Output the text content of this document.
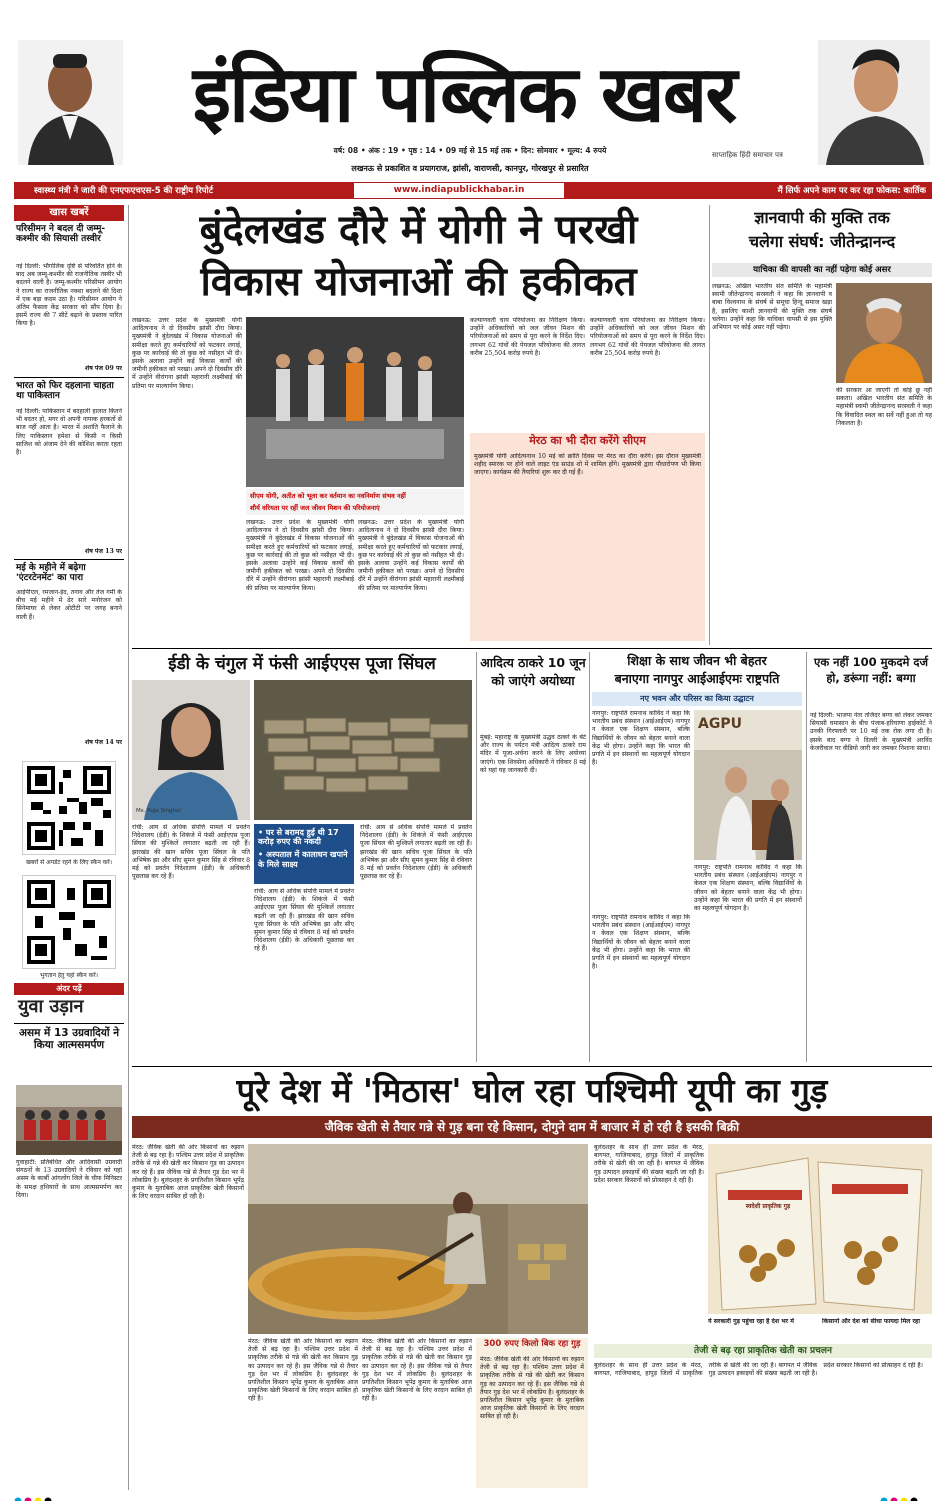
इंडिया पब्लिक खबर
साप्ताहिक हिंदी समाचार पत्र
वर्ष: 08 • अंक : 19 • पृष्ठ : 14 • 09 मई से 15 मई तक • दिन: सोमवार • मूल्य: 4 रुपये
लखनऊ से प्रकाशित व प्रयागराज, झांसी, वाराणसी, कानपुर, गोरखपुर से प्रसारित
स्वास्थ्य मंत्री ने जारी की एनएफएचएस-5 की राष्ट्रीय रिपोर्ट	www.indiapublickhabar.in	मैं सिर्फ अपने काम पर कर रहा फोकस: कार्तिक
खास खबरें
परिसीमन ने बदल दी जम्मू-कश्मीर की सियासी तस्वीर
नई दिल्ली: भौगोलिक दृष्टि से परिवर्तित होने के बाद अब जम्मू-कश्मीर की राजनीतिक तस्वीर भी बदलने वाली है। जम्मू-कश्मीर परिसीमन आयोग ने राज्य का राजनीतिक नक्शा बदलने की दिशा में एक बड़ा कदम उठा है। परिसीमन आयोग ने अंतिम फैसला केंद्र सरकार को सौंप दिया है। इसमें राज्य की 7 सीटें बढ़ाने के प्रस्ताव पारित किया है।
शेष पेज 09 पर
भारत को फिर दहलाना चाहता था पाकिस्तान
नई दिल्ली: पाकिस्तान में बदहाली हालात कितने भी बदतर हो, मगर वो अपनी नापाक हरकतों से बाज नहीं आता है। भारत में अशांति फैलाने के लिए पाकिस्तान हमेशा से किसी न किसी साजिश को अंजाम देने की कोशिश करता रहता है।
शेष पेज 13 पर
मई के महीने में बढ़ेगा 'एंटरटेनमेंट' का पारा
आईपीएल, रमजान-ईद, तनाव और तेज गर्मी के बीच मई महीने में ढेर सारे मनोरंजन को सिनेमाघर से लेकर ओटीटी पर जगह बनाने वाली हैं।
शेष पेज 14 पर
खबरों से अपडेट रहने के लिए स्कैन करें।
भुगतान हेतु यहां स्कैन करें।
अंदर पढ़ें
युवा उड़ान
असम में 13 उग्रवादियों ने किया आत्मसमर्पण
गुवाहाटी: प्रतिबंधित और आदिवासी उग्रवादी संगठनों के 13 उग्रवादियों ने रविवार को यहां असम के कार्बी आंगलोंग जिले के चीफ मिनिस्टर के समक्ष हथियारों के साथ आत्मसमर्पण कर दिया।
बुंदेलखंड दौरे में योगी ने परखी
विकास योजनाओं की हकीकत
लखनऊ: उत्तर प्रदेश के मुख्यमंत्री योगी आदित्यनाथ ने दो दिवसीय झांसी दौरा किया। मुख्यमंत्री ने बुंदेलखंड में विकास योजनाओं की समीक्षा करते हुए कर्मचारियों को फटकार लगाई, कुछ पर कार्रवाई की तो कुछ को नसीहत भी दी। इसके अलावा उन्होंने कई विकास कार्यों की जमीनी हकीकत को परखा। अपने दो दिवसीय दौरे में उन्होंने वीरांगना झांसी महारानी लक्ष्मीबाई की प्रतिमा पर माल्यार्पण किया।
सीएम योगी, अतीत को भूला कर वर्तमान का नवनिर्माण संभव नहीं
शौर्य वरियता पर रहीं जल जीवन मिशन की परियोजनाएं
लखनऊ: उत्तर प्रदेश के मुख्यमंत्री योगी आदित्यनाथ ने दो दिवसीय झांसी दौरा किया। मुख्यमंत्री ने बुंदेलखंड में विकास योजनाओं की समीक्षा करते हुए कर्मचारियों को फटकार लगाई, कुछ पर कार्रवाई की तो कुछ को नसीहत भी दी। इसके अलावा उन्होंने कई विकास कार्यों की जमीनी हकीकत को परखा। अपने दो दिवसीय दौरे में उन्होंने वीरांगना झांसी महारानी लक्ष्मीबाई की प्रतिमा पर माल्यार्पण किया।
लखनऊ: उत्तर प्रदेश के मुख्यमंत्री योगी आदित्यनाथ ने दो दिवसीय झांसी दौरा किया। मुख्यमंत्री ने बुंदेलखंड में विकास योजनाओं की समीक्षा करते हुए कर्मचारियों को फटकार लगाई, कुछ पर कार्रवाई की तो कुछ को नसीहत भी दी। इसके अलावा उन्होंने कई विकास कार्यों की जमीनी हकीकत को परखा। अपने दो दिवसीय दौरे में उन्होंने वीरांगना झांसी महारानी लक्ष्मीबाई की प्रतिमा पर माल्यार्पण किया।
कल्याणवर्ती चाय परियोजना का निरीक्षण किया। उन्होंने अधिकारियों को जल जीवन मिशन की परियोजनाओं को समय से पूरा करने के निर्देश दिए। लगभग 62 गांवों की पेयजल परियोजना की लागत करीब 25,504 करोड़ रुपये है।
कल्याणवर्ती चाय परियोजना का निरीक्षण किया। उन्होंने अधिकारियों को जल जीवन मिशन की परियोजनाओं को समय से पूरा करने के निर्देश दिए। लगभग 62 गांवों की पेयजल परियोजना की लागत करीब 25,504 करोड़ रुपये है।
मेरठ का भी दौरा करेंगे सीएम
मुख्यमंत्री योगी आदित्यनाथ 10 मई को क्रांति दिवस पर मेरठ का दौरा करेंगे। इस दौरान मुख्यमंत्री शहीद स्मारक पर होने वाले लाइट एंड साउंड शो में शामिल होंगे। मुख्यमंत्री द्वारा पौधारोपण भी किया जाएगा। कार्यक्रम की तैयारियां शुरू कर दी गई हैं।
ज्ञानवापी की मुक्ति तक
चलेगा संघर्ष: जीतेन्द्रानन्द
याचिका की वापसी का नहीं पड़ेगा कोई असर
लखनऊ: अखिल भारतीय संत समिति के महामंत्री स्वामी जीतेन्द्रानन्द सरस्वती ने कहा कि ज्ञानवापी व बाबा विश्वनाथ के संघर्ष से समूचा हिन्दू समाज खड़ा है, इसलिए काशी ज्ञानवापी की मुक्ति तक संघर्ष चलेगा। उन्होंने कहा कि याचिका वापसी से इस मुक्ति अभियान पर कोई असर नहीं पड़ेगा।
की सरकार आ जाएगी तो कोई छू नहीं सकता। अखिल भारतीय संत समिति के महामंत्री स्वामी जीतेन्द्रानन्द सरस्वती ने कहा कि विवादित स्थल का सर्वे नहीं हुआ तो यह निकलता है।
ईडी के चंगुल में फंसी आईएएस पूजा सिंघल
Ms. Puja Singhal
रांची: आय से अधिक संपत्ति मामले में प्रवर्तन निदेशालय (ईडी) के शिकंजे में फंसी आईएएस पूजा सिंघल की मुश्किलें लगातार बढ़ती जा रही हैं। झारखंड की खान सचिव पूजा सिंघल के पति अभिषेक झा और सीए सुमन कुमार सिंह से रविवार 8 मई को प्रवर्तन निदेशालय (ईडी) के अधिकारी पूछताछ कर रहे हैं।
• घर से बरामद हुई थी 17 करोड़ रुपए की नकदी
• अस्पताल में कालाधन खपाने के मिले साक्ष्य
रांची: आय से अधिक संपत्ति मामले में प्रवर्तन निदेशालय (ईडी) के शिकंजे में फंसी आईएएस पूजा सिंघल की मुश्किलें लगातार बढ़ती जा रही हैं। झारखंड की खान सचिव पूजा सिंघल के पति अभिषेक झा और सीए सुमन कुमार सिंह से रविवार 8 मई को प्रवर्तन निदेशालय (ईडी) के अधिकारी पूछताछ कर रहे हैं।
रांची: आय से अधिक संपत्ति मामले में प्रवर्तन निदेशालय (ईडी) के शिकंजे में फंसी आईएएस पूजा सिंघल की मुश्किलें लगातार बढ़ती जा रही हैं। झारखंड की खान सचिव पूजा सिंघल के पति अभिषेक झा और सीए सुमन कुमार सिंह से रविवार 8 मई को प्रवर्तन निदेशालय (ईडी) के अधिकारी पूछताछ कर रहे हैं।
आदित्य ठाकरे 10 जून को जाएंगे अयोध्या
मुंबई: महाराष्ट्र के मुख्यमंत्री उद्धव ठाकरे के बेटे और राज्य के पर्यटन मंत्री आदित्य ठाकरे राम मंदिर में पूजा-अर्चना करने के लिए अयोध्या जाएंगे। एक शिवसेना अधिकारी ने रविवार 8 मई को यहां यह जानकारी दी।
शिक्षा के साथ जीवन भी बेहतर
बनाएगा नागपुर आईआईएमः राष्ट्रपति
नए भवन और परिसर का किया उद्घाटन
नागपुर: राष्ट्रपति रामनाथ कोविंद ने कहा कि भारतीय प्रबंध संस्थान (आईआईएम) नागपुर न केवल एक शिक्षण संस्थान, बल्कि विद्यार्थियों के जीवन को बेहतर बनाने वाला केंद्र भी होगा। उन्होंने कहा कि भारत की प्रगति में इन संस्थानों का महत्वपूर्ण योगदान है।
AGPU
नागपुर: राष्ट्रपति रामनाथ कोविंद ने कहा कि भारतीय प्रबंध संस्थान (आईआईएम) नागपुर न केवल एक शिक्षण संस्थान, बल्कि विद्यार्थियों के जीवन को बेहतर बनाने वाला केंद्र भी होगा। उन्होंने कहा कि भारत की प्रगति में इन संस्थानों का महत्वपूर्ण योगदान है।
नागपुर: राष्ट्रपति रामनाथ कोविंद ने कहा कि भारतीय प्रबंध संस्थान (आईआईएम) नागपुर न केवल एक शिक्षण संस्थान, बल्कि विद्यार्थियों के जीवन को बेहतर बनाने वाला केंद्र भी होगा। उन्होंने कहा कि भारत की प्रगति में इन संस्थानों का महत्वपूर्ण योगदान है।
एक नहीं 100 मुकदमे दर्ज हो, डरूंगा नहीं: बग्गा
नई दिल्ली: भाजपा नेता तजिंदर बग्गा को लेकर जमकर सियासी घमासान के बीच पंजाब-हरियाणा हाईकोर्ट ने उनकी गिरफ्तारी पर 10 मई तक रोक लगा दी है। इसके बाद बग्गा ने दिल्ली के मुख्यमंत्री अरविंद केजरीवाल पर वीडियो जारी कर जमकर निशाना साधा।
पूरे देश में 'मिठास' घोल रहा पश्चिमी यूपी का गुड़
जैविक खेती से तैयार गन्ने से गुड़ बना रहे किसान, दोगुने दाम में बाजार में हो रही है इसकी बिक्री
मेरठ: जैविक खेती की ओर किसानों का रुझान तेजी से बढ़ रहा है। पश्चिम उत्तर प्रदेश में प्राकृतिक तरीके से गन्ने की खेती कर किसान गुड़ का उत्पादन कर रहे हैं। इस जैविक गन्ने से तैयार गुड़ देश भर में लोकप्रिय है। बुलंदशहर के प्रगतिशील किसान भूपेंद्र कुमार के मुताबिक आज प्राकृतिक खेती किसानों के लिए वरदान साबित हो रही है।
मेरठ: जैविक खेती की ओर किसानों का रुझान तेजी से बढ़ रहा है। पश्चिम उत्तर प्रदेश में प्राकृतिक तरीके से गन्ने की खेती कर किसान गुड़ का उत्पादन कर रहे हैं। इस जैविक गन्ने से तैयार गुड़ देश भर में लोकप्रिय है। बुलंदशहर के प्रगतिशील किसान भूपेंद्र कुमार के मुताबिक आज प्राकृतिक खेती किसानों के लिए वरदान साबित हो रही है।
मेरठ: जैविक खेती की ओर किसानों का रुझान तेजी से बढ़ रहा है। पश्चिम उत्तर प्रदेश में प्राकृतिक तरीके से गन्ने की खेती कर किसान गुड़ का उत्पादन कर रहे हैं। इस जैविक गन्ने से तैयार गुड़ देश भर में लोकप्रिय है। बुलंदशहर के प्रगतिशील किसान भूपेंद्र कुमार के मुताबिक आज प्राकृतिक खेती किसानों के लिए वरदान साबित हो रही है।
300 रुपए किलो बिक रहा गुड़
मेरठ: जैविक खेती की ओर किसानों का रुझान तेजी से बढ़ रहा है। पश्चिम उत्तर प्रदेश में प्राकृतिक तरीके से गन्ने की खेती कर किसान गुड़ का उत्पादन कर रहे हैं। इस जैविक गन्ने से तैयार गुड़ देश भर में लोकप्रिय है। बुलंदशहर के प्रगतिशील किसान भूपेंद्र कुमार के मुताबिक आज प्राकृतिक खेती किसानों के लिए वरदान साबित हो रही है।
बुलंदशहर के साथ ही उत्तर प्रदेश के मेरठ, बागपत, गाजियाबाद, हापुड़ जिलों में प्राकृतिक तरीके से खेती की जा रही है। बागपत में जैविक गुड़ उत्पादन इकाइयों की संख्या बढ़ती जा रही है। प्रदेश सरकार किसानों को प्रोत्साहन दे रही है।
स्वदेशी प्राकृतिक गुड़
ये सरकारी गुड़ पहुंचा रहा है देश भर में	किसानों और देश को सीधा फायदा मिल रहा
तेजी से बढ़ रहा प्राकृतिक खेती का प्रचलन
बुलंदशहर के साथ ही उत्तर प्रदेश के मेरठ, बागपत, गाजियाबाद, हापुड़ जिलों में प्राकृतिक तरीके से खेती की जा रही है। बागपत में जैविक गुड़ उत्पादन इकाइयों की संख्या बढ़ती जा रही है। प्रदेश सरकार किसानों को प्रोत्साहन दे रही है।
